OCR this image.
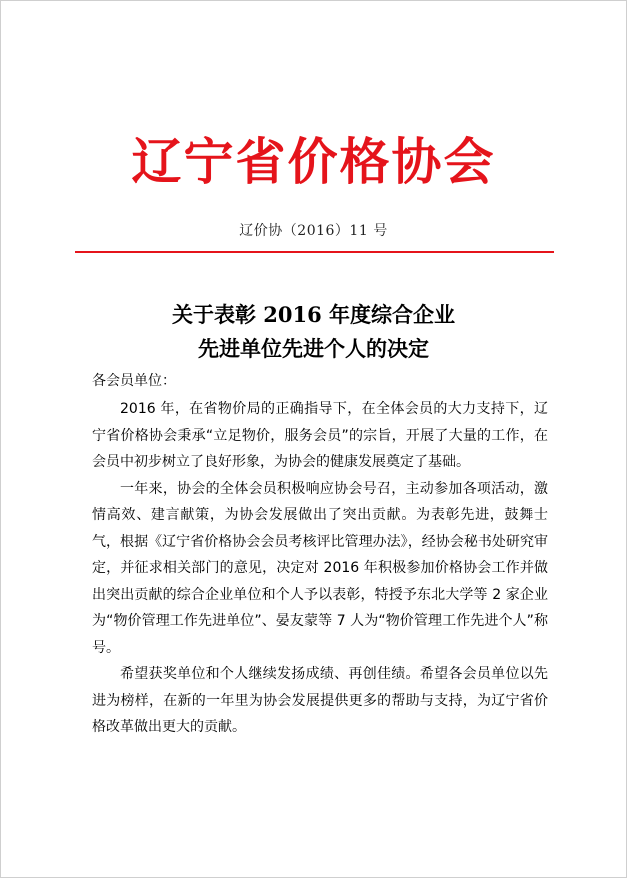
辽宁省价格协会
辽价协（2016）11 号
关于表彰 2016 年度综合企业
先进单位先进个人的决定
各会员单位：

2016 年，在省物价局的正确指导下，在全体会员的大力支持下，辽宁省价格协会秉承“立足物价，服务会员”的宗旨，开展了大量的工作，在会员中初步树立了良好形象，为协会的健康发展奠定了基础。

一年来，协会的全体会员积极响应协会号召，主动参加各项活动，激情高效、建言献策，为协会发展做出了突出贡献。为表彰先进，鼓舞士气，根据《辽宁省价格协会会员考核评比管理办法》，经协会秘书处研究审定，并征求相关部门的意见，决定对 2016 年积极参加价格协会工作并做出突出贡献的综合企业单位和个人予以表彰，特授予东北大学等 2 家企业为“物价管理工作先进单位”、晏友蒙等 7 人为“物价管理工作先进个人”称号。

希望获奖单位和个人继续发扬成绩、再创佳绩。希望各会员单位以先进为榜样，在新的一年里为协会发展提供更多的帮助与支持，为辽宁省价格改革做出更大的贡献。
